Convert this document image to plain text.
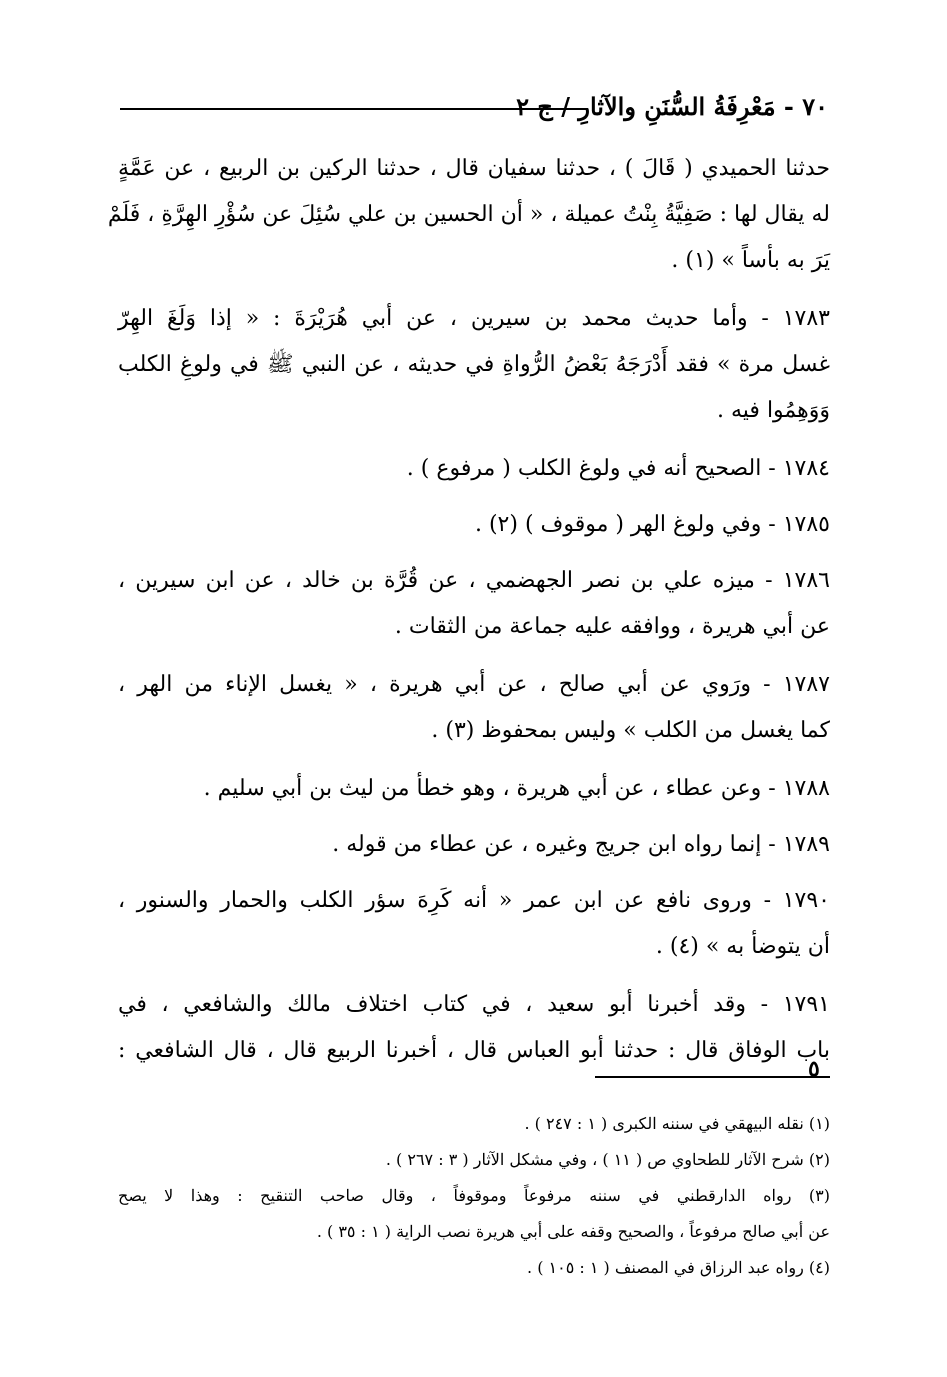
٧٠ - مَعْرِفَةُ السُّنَنِ والآثارِ / ج ٢
حدثنا الحميدي ( قَالَ ) ، حدثنا سفيان قال ، حدثنا الركين بن الربيع ، عن عَمَّةٍ
له يقال لها : صَفِيَّةُ بِنْتُ عميلة ، « أن الحسين بن علي سُئِلَ عن سُؤْرِ الهِرَّةِ ، فَلَمْ
يَرَ به بأساً » (١) .
١٧٨٣ - وأما حديث محمد بن سيرين ، عن أبي هُرَيْرَةَ : « إذا وَلَغَ الهِرّ
غسل مرة » فقد أَدْرَجَهُ بَعْضُ الرُّواةِ في حديثه ، عن النبي ﷺ في ولوغِ الكلب
وَوَهِمُوا فيه .
١٧٨٤ - الصحيح أنه في ولوغ الكلب ( مرفوع ) .
١٧٨٥ - وفي ولوغ الهر ( موقوف ) (٢) .
١٧٨٦ - ميزه علي بن نصر الجهضمي ، عن قُرَّة بن خالد ، عن ابن سيرين ،
عن أبي هريرة ، ووافقه عليه جماعة من الثقات .
١٧٨٧ - ورَوي عن أبي صالح ، عن أبي هريرة ، « يغسل الإناء من الهر ،
كما يغسل من الكلب » وليس بمحفوظ (٣) .
١٧٨٨ - وعن عطاء ، عن أبي هريرة ، وهو خطأ من ليث بن أبي سليم .
١٧٨٩ - إنما رواه ابن جريج وغيره ، عن عطاء من قوله .
١٧٩٠ - وروى نافع عن ابن عمر « أنه كَرِهَ سؤر الكلب والحمار والسنور ،
أن يتوضأ به » (٤) .
١٧٩١ - وقد أخبرنا أبو سعيد ، في كتاب اختلاف مالك والشافعي ، في
باب الوفاق قال : حدثنا أبو العباس قال ، أخبرنا الربيع قال ، قال الشافعي :
٥
(١) نقله البيهقي في سننه الكبرى ( ١ : ٢٤٧ ) .
(٢) شرح الآثار للطحاوي ص ( ١١ ) ، وفي مشكل الآثار ( ٣ : ٢٦٧ ) .
(٣) رواه الدارقطني في سننه مرفوعاً وموقوفاً ، وقال صاحب التنقيح : وهذا لا يصح
عن أبي صالح مرفوعاً ، والصحيح وقفه على أبي هريرة نصب الراية ( ١ : ٣٥ ) .
(٤) رواه عبد الرزاق في المصنف ( ١ : ١٠٥ ) .
